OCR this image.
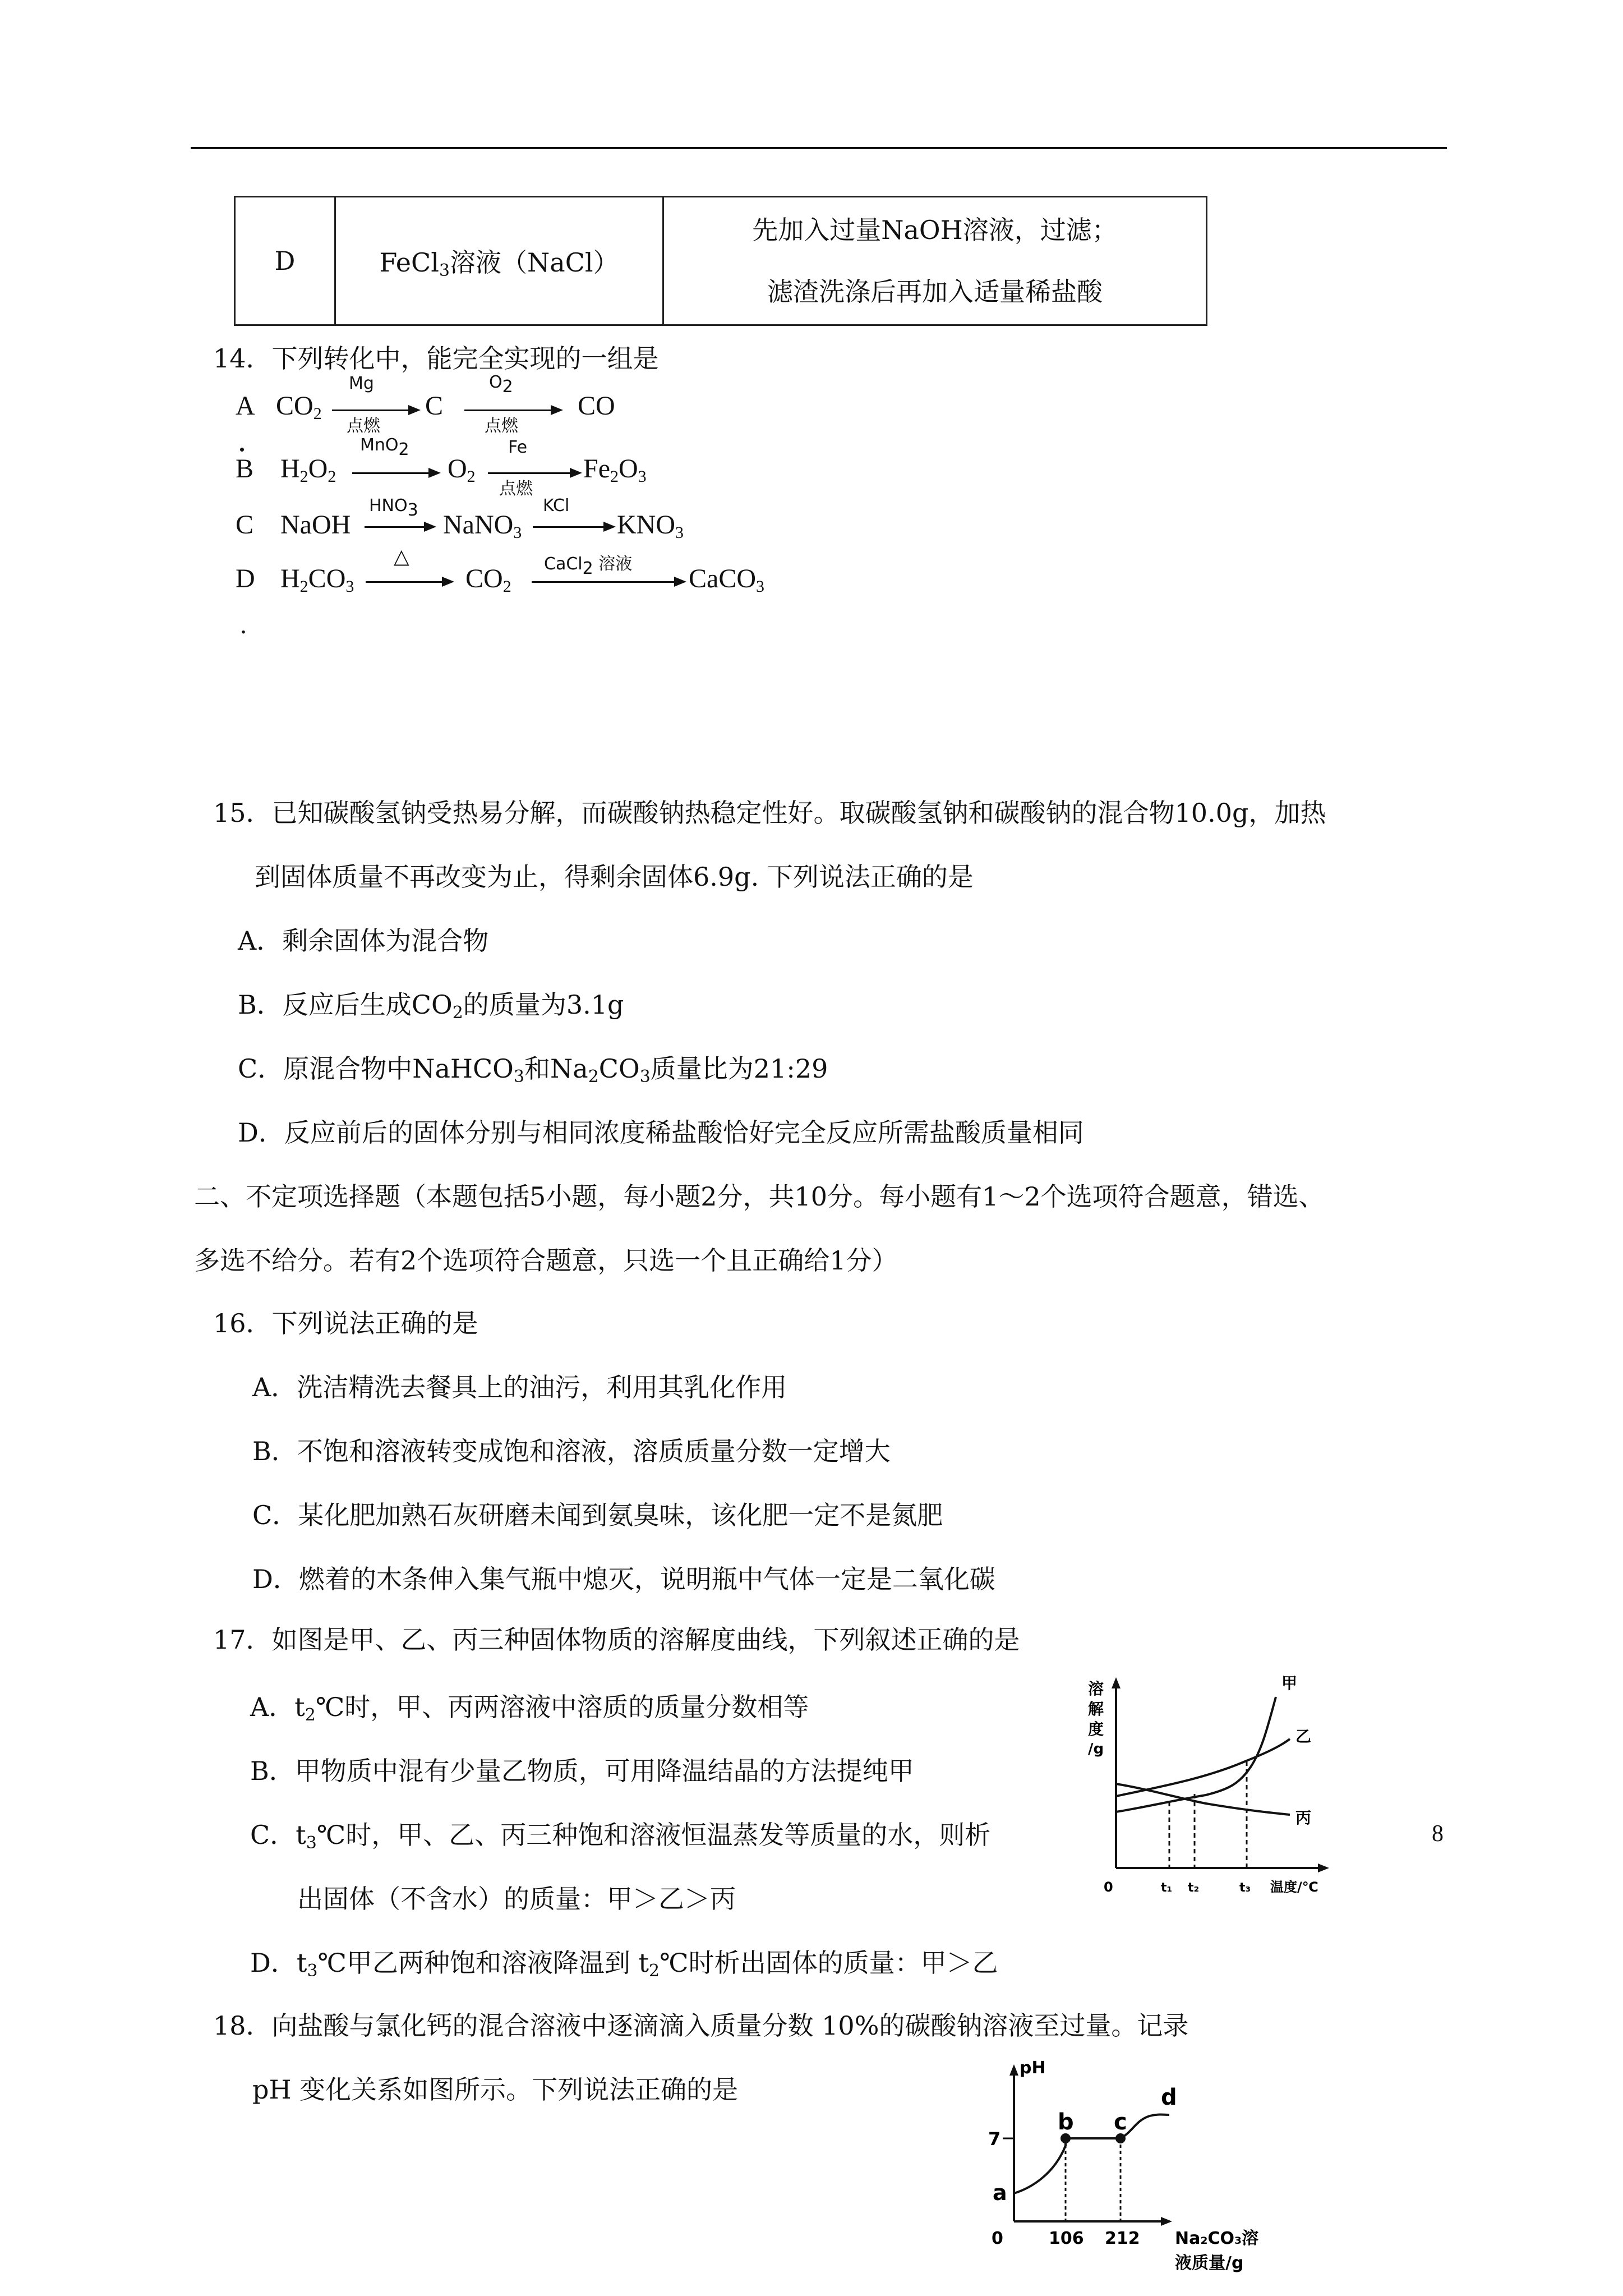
D	FeCl$_3$溶液（NaCl）	
先加入过量NaOH溶液，过滤；
滤渣洗涤后再加入适量稀盐酸
14．下列转化中，能完全实现的一组是
A $CO_2$
Mg
点燃
C
$O_2$
点燃
CO
B $H_2O_2$
MnO$_2$
$O_2$
Fe
点燃
$Fe_2O_3$
C NaOH
$HNO_3$ NaNO$_3$
KCl
$KNO_3$
D $H_2CO_3$
△
$CO_2$
CaCl$_2$ 溶液 CaCO$_3$
.
15．已知碳酸氢钠受热易分解，而碳酸钠热稳定性好。取碳酸氢钠和碳酸钠的混合物10.0g，加热
到固体质量不再改变为止，得剩余固体6.9g. 下列说法正确的是
A．剩余固体为混合物
B．反应后生成$CO_2$的质量为3.1g
C．原混合物中NaHCO$_3$和$Na_2CO_3$质量比为21:29
D．反应前后的固体分别与相同浓度稀盐酸恰好完全反应所需盐酸质量相同
二、不定项选择题（本题包括5小题，每小题2分，共10分。每小题有1～2个选项符合题意，错选、
多选不给分。若有2个选项符合题意，只选一个且正确给1分）
16．下列说法正确的是
A．洗洁精洗去餐具上的油污，利用其乳化作用
B．不饱和溶液转变成饱和溶液，溶质质量分数一定增大
C．某化肥加熟石灰研磨未闻到氨臭味，该化肥一定不是氮肥
D．燃着的木条伸入集气瓶中熄灭，说明瓶中气体一定是二氧化碳
17．如图是甲、乙、丙三种固体物质的溶解度曲线，下列叙述正确的是
A．$t_2℃$时，甲、丙两溶液中溶质的质量分数相等
B．甲物质中混有少量乙物质，可用降温结晶的方法提纯甲
C．$t_3℃$时，甲、乙、丙三种饱和溶液恒温蒸发等质量的水，则析
出固体（不含水）的质量：甲＞乙＞丙
D．$t_3℃$甲乙两种饱和溶液降温到 $t_2℃$时析出固体的质量：甲＞乙
溶
解
度
/g
甲
乙
丙
0	t₁ t₂	t₃ 温度/℃
18．向盐酸与氯化钙的混合溶液中逐滴滴入质量分数 10%的碳酸钠溶液至过量。记录
pH 变化关系如图所示。下列说法正确的是
pH
7
0
a
b c
d
106 212 Na₂CO₃溶
液质量/g
8
